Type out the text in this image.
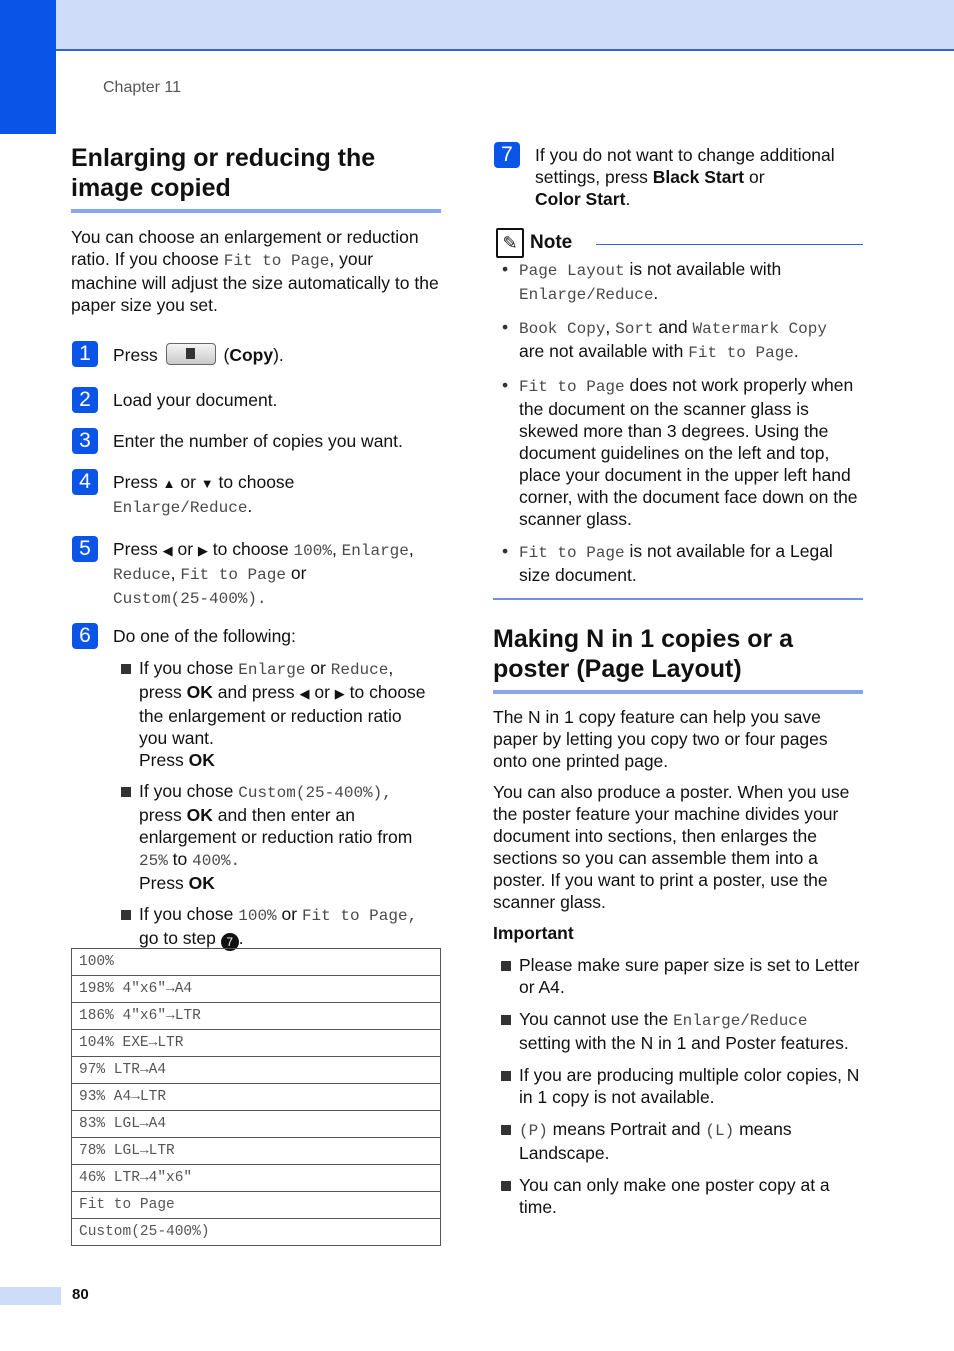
Chapter 11
Enlarging or reducing the image copied

You can choose an enlargement or reduction ratio. If you choose Fit to Page, your machine will adjust the size automatically to the paper size you set.

1	Press	(Copy).
2	Load your document.
3	Enter the number of copies you want.
4	Press ▲ or ▼ to choose
Enlarge/Reduce.
5	Press ◀ or ▶ to choose 100%, Enlarge,
Reduce, Fit to Page or
Custom(25-400%).
6	Do one of the following:
If you chose Enlarge or Reduce,
press OK and press ◀ or ▶ to choose
the enlargement or reduction ratio
you want.
Press OK
If you chose Custom(25-400%),
press OK and then enter an
enlargement or reduction ratio from
25% to 400%.
Press OK
If you chose 100% or Fit to Page,
go to step 7 .
100%
198% 4"x6"→A4
186% 4"x6"→LTR
104% EXE→LTR
97% LTR→A4
93% A4→LTR
83% LGL→A4
78% LGL→LTR
46% LTR→4"x6"
Fit to Page
Custom(25-400%)
7	If you do not want to change additional settings, press Black Start or
Color Start.
✎ Note
• Page Layout is not available with
Enlarge/Reduce.
• Book Copy, Sort and Watermark Copy
are not available with Fit to Page.
• Fit to Page does not work properly when the document on the scanner glass is skewed more than 3 degrees. Using the document guidelines on the left and top, place your document in the upper left hand corner, with the document face down on the scanner glass.
• Fit to Page is not available for a Legal size document.
Making N in 1 copies or a poster (Page Layout)

The N in 1 copy feature can help you save paper by letting you copy two or four pages onto one printed page.

You can also produce a poster. When you use the poster feature your machine divides your document into sections, then enlarges the sections so you can assemble them into a poster. If you want to print a poster, use the scanner glass.

Important

Please make sure paper size is set to Letter or A4.
You cannot use the Enlarge/Reduce
setting with the N in 1 and Poster features.
If you are producing multiple color copies, N in 1 copy is not available.
(P) means Portrait and (L) means Landscape.
You can only make one poster copy at a time.
80
